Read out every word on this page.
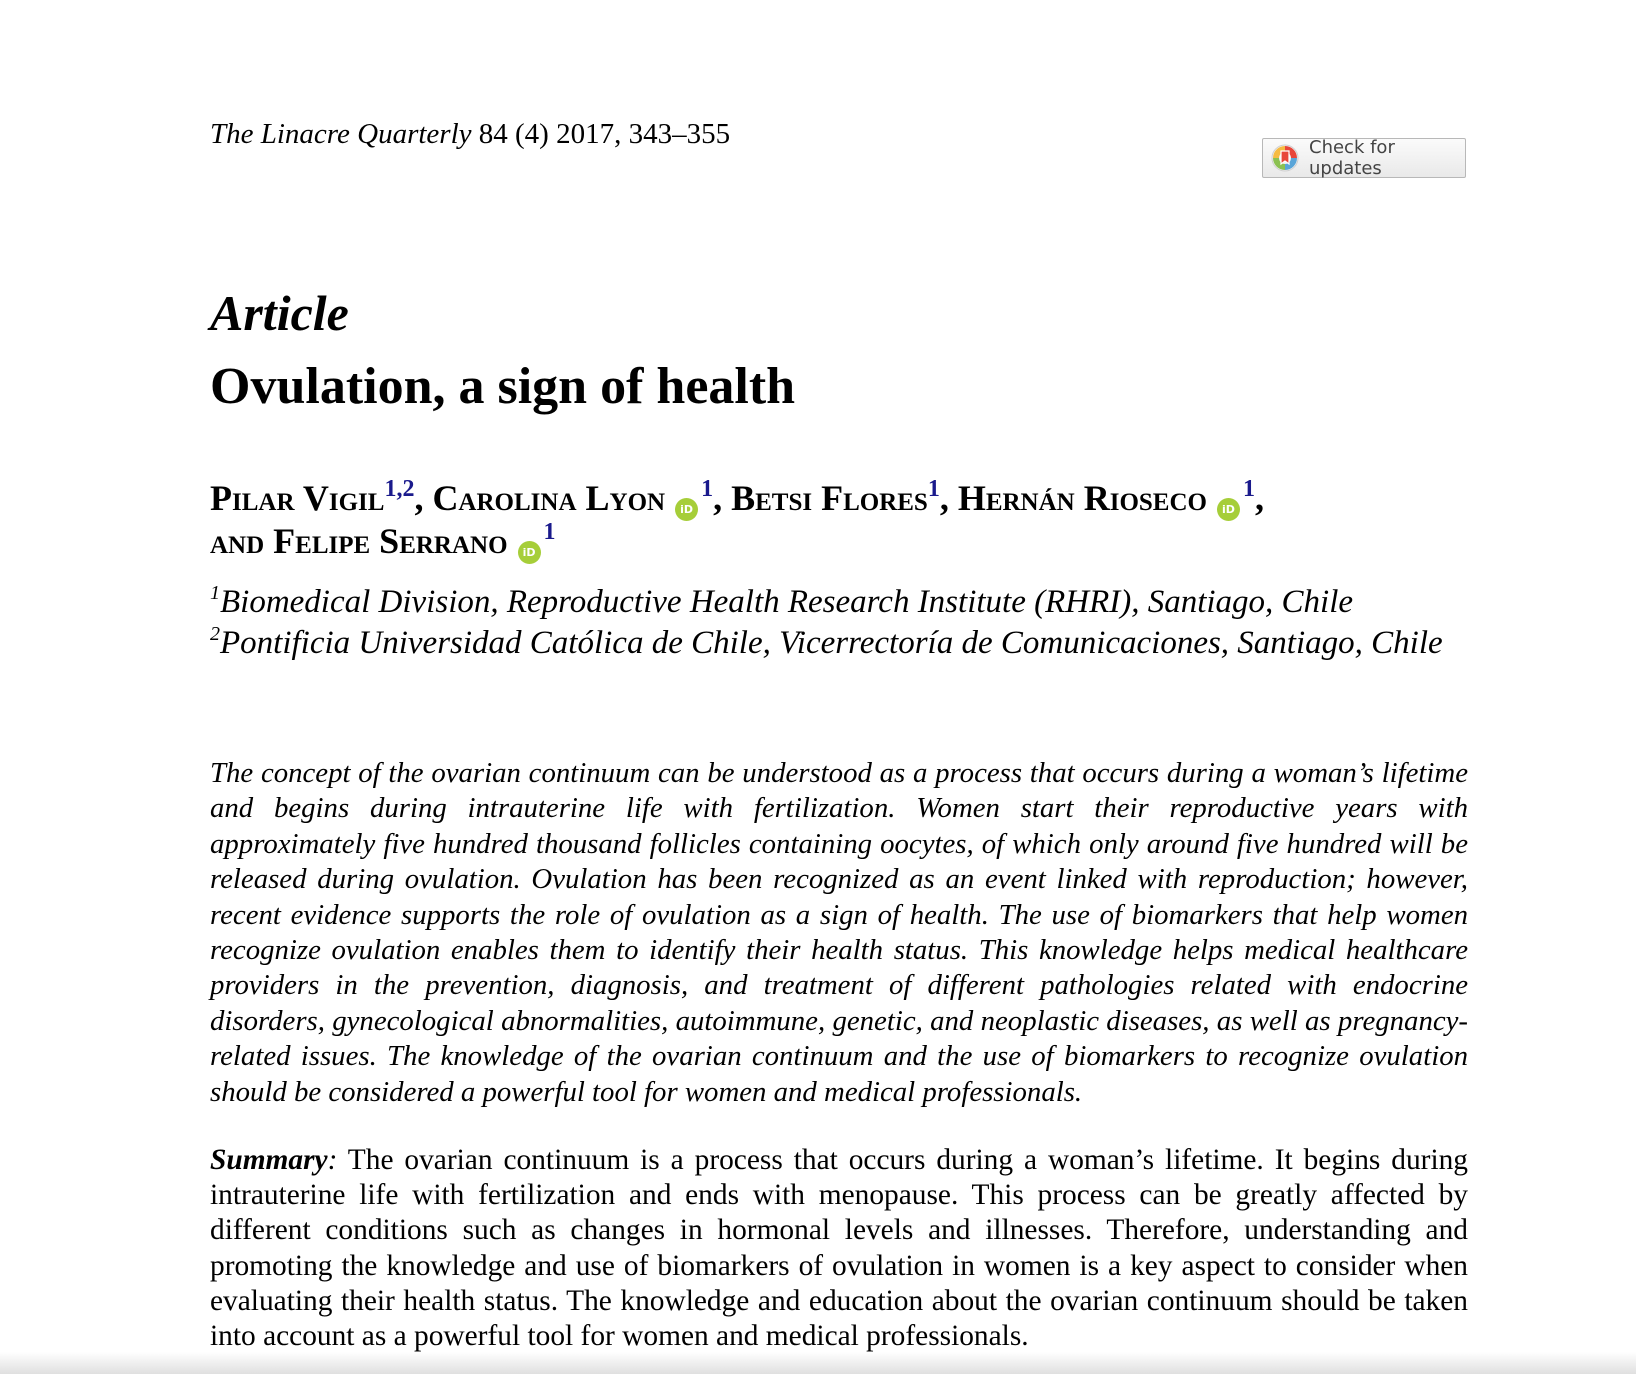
The Linacre Quarterly 84 (4) 2017, 343–355	Check for updates
Article
Ovulation, a sign of health
Pilar Vigil$^{1,2}$, Carolina Lyon $iD^1$, Betsi Flores$^1$, Hernán Rioseco $iD^1$,
and Felipe Serrano $iD^1$
$^1$Biomedical Division, Reproductive Health Research Institute (RHRI), Santiago, Chile
$^2$Pontificia Universidad Católica de Chile, Vicerrectoría de Comunicaciones, Santiago, Chile
The concept of the ovarian continuum can be understood as a process that occurs during a woman’s lifetime and begins during intrauterine life with fertilization. Women start their reproductive years with approximately five hundred thousand follicles containing oocytes, of which only around five hundred will be released during ovulation. Ovulation has been recognized as an event linked with reproduction; however, recent evidence supports the role of ovulation as a sign of health. The use of biomarkers that help women recognize ovulation enables them to identify their health status. This knowledge helps medical healthcare providers in the prevention, diagnosis, and treatment of different pathologies related with endocrine disorders, gynecological abnormalities, autoimmune, genetic, and neoplastic diseases, as well as pregnancy-related issues. The knowledge of the ovarian continuum and the use of biomarkers to recognize ovulation should be considered a powerful tool for women and medical professionals.
Summary: The ovarian continuum is a process that occurs during a woman’s lifetime. It begins during intrauterine life with fertilization and ends with menopause. This process can be greatly affected by different conditions such as changes in hormonal levels and illnesses. Therefore, understanding and promoting the knowledge and use of biomarkers of ovulation in women is a key aspect to consider when evaluating their health status. The knowledge and education about the ovarian continuum should be taken into account as a powerful tool for women and medical professionals.
